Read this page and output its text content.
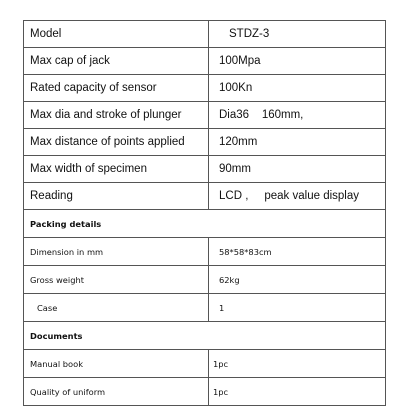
Model	STDZ-3
Max cap of jack	100Mpa
Rated capacity of sensor	100Kn
Max dia and stroke of plunger	Dia36    160mm,
Max distance of points applied	120mm
Max width of specimen	90mm
Reading	LCD ,     peak value display
Packing details	
Dimension in mm	58*58*83cm
Gross weight	62kg
Case	1
Documents	
Manual book	1pc
Quality of uniform	1pc
